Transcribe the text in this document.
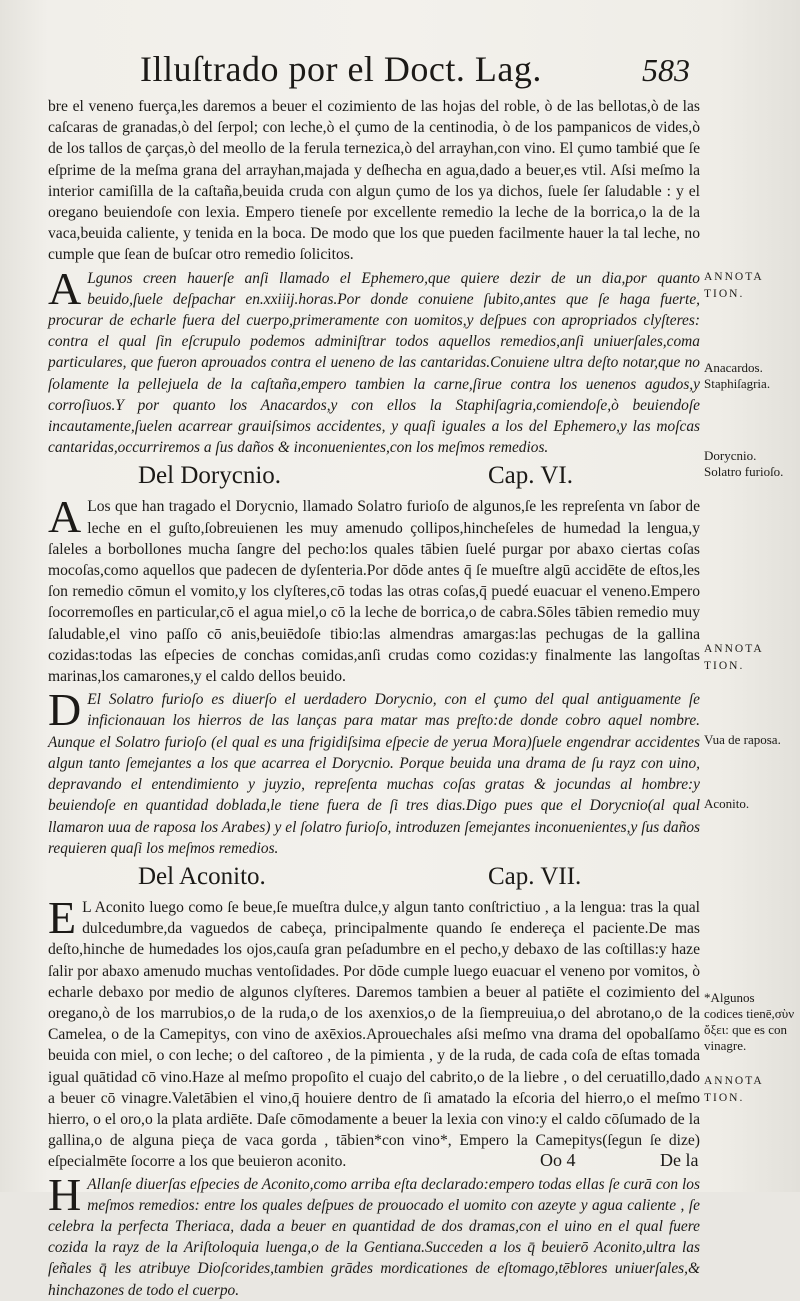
Illuſtrado por el Doct. Lag.	583

bre el veneno fuerça,les daremos a beuer el cozimiento de las hojas del roble, ò de las bellotas,ò de las caſcaras de granadas,ò del ſerpol; con leche,ò el çumo de la centinodia, ò de los pampanicos de vides,ò de los tallos de çarças,ò del meollo de la ferula ternezica,ò del arrayhan,con vino. El çumo tambié que ſe eſprime de la meſma grana del arrayhan,majada y deſhecha en agua,dado a beuer,es vtil. Aſsi meſmo la interior camiſilla de la caſtaña,beuida cruda con algun çumo de los ya dichos, ſuele ſer ſaludable : y el oregano beuiendoſe con lexia. Empero tieneſe por excellente remedio la leche de la borrica,o la de la vaca,beuida caliente, y tenida en la boca. De modo que los que pueden facilmente hauer la tal leche, no cumple que ſean de buſcar otro remedio ſolicitos.

A Lgunos creen hauerſe anſi llamado el Ephemero,que quiere dezir de un dia,por quanto beuido,ſuele deſpachar en.xxiiij.horas.Por donde conuiene ſubito,antes que ſe haga fuerte, procurar de echarle fuera del cuerpo,primeramente con uomitos,y deſpues con apropriados clyſteres: contra el qual ſin eſcrupulo podemos adminiſtrar todos aquellos remedios,anſi uniuerſales,coma particulares, que fueron aprouados contra el ueneno de las cantaridas.Conuiene ultra deſto notar,que no ſolamente la pellejuela de la caſtaña,empero tambien la carne,ſirue contra los uenenos agudos,y corroſiuos.Y por quanto los Anacardos,y con ellos la Staphiſagria,comiendoſe,ò beuiendoſe incautamente,ſuelen acarrear grauiſsimos accidentes, y quaſi iguales a los del Ephemero,y las moſcas cantaridas,occurriremos a ſus daños & inconuenientes,con los meſmos remedios.

Del Dorycnio.	Cap. VI.

A Los que han tragado el Dorycnio, llamado Solatro furioſo de algunos,ſe les repreſenta vn ſabor de leche en el guſto,ſobreuienen les muy amenudo çollipos,hincheſeles de humedad la lengua,y ſaleles a borbollones mucha ſangre del pecho:los quales tābien ſuelé purgar por abaxo ciertas coſas mocoſas,como aquellos que padecen de dyſenteria.Por dōde antes q̄ ſe mueſtre algū accidēte de eſtos,les ſon remedio cōmun el vomito,y los clyſteres,cō todas las otras coſas,q̄ puedé euacuar el veneno.Empero ſocorremoſles en particular,cō el agua miel,o cō la leche de borrica,o de cabra.Sōles tābien remedio muy ſaludable,el vino paſſo cō anis,beuiēdoſe tibio:las almendras amargas:las pechugas de la gallina cozidas:todas las eſpecies de conchas comidas,anſi crudas como cozidas:y finalmente las langoſtas marinas,los camarones,y el caldo dellos beuido.

D El Solatro furioſo es diuerſo el uerdadero Dorycnio, con el çumo del qual antiguamente ſe inficionauan los hierros de las lanças para matar mas preſto:de donde cobro aquel nombre. Aunque el Solatro furioſo (el qual es una frigidiſsima eſpecie de yerua Mora)ſuele engendrar accidentes algun tanto ſemejantes a los que acarrea el Dorycnio. Porque beuida una drama de ſu rayz con uino, depravando el entendimiento y juyzio, repreſenta muchas coſas gratas & jocundas al hombre:y beuiendoſe en quantidad doblada,le tiene fuera de ſi tres dias.Digo pues que el Dorycnio(al qual llamaron uua de raposa los Arabes) y el ſolatro furioſo, introduzen ſemejantes inconuenientes,y ſus daños requieren quaſi los meſmos remedios.

Del Aconito.	Cap. VII.

E L Aconito luego como ſe beue,ſe mueſtra dulce,y algun tanto conſtrictiuo , a la lengua: tras la qual dulcedumbre,da vaguedos de cabeça, principalmente quando ſe endereça el paciente.De mas deſto,hinche de humedades los ojos,cauſa gran peſadumbre en el pecho,y debaxo de las coſtillas:y haze ſalir por abaxo amenudo muchas ventoſidades. Por dōde cumple luego euacuar el veneno por vomitos, ò echarle debaxo por medio de algunos clyſteres. Daremos tambien a beuer al patiēte el cozimiento del oregano,ò de los marrubios,o de la ruda,o de los axenxios,o de la ſiempreuiua,o del abrotano,o de la Camelea, o de la Camepitys, con vino de axēxios.Aprouechales aſsi meſmo vna drama del opobalſamo beuida con miel, o con leche; o del caſtoreo , de la pimienta , y de la ruda, de cada coſa de eſtas tomada igual quātidad cō vino.Haze al meſmo propoſito el cuajo del cabrito,o de la liebre , o del ceruatillo,dado a beuer cō vinagre.Valetābien el vino,q̄ houiere dentro de ſi amatado la eſcoria del hierro,o el meſmo hierro, o el oro,o la plata ardiēte. Daſe cōmodamente a beuer la lexia con vino:y el caldo cōſumado de la gallina,o de alguna pieça de vaca gorda , tābien*con vino*, Empero la Camepitys(ſegun ſe dize) eſpecialmēte ſocorre a los que beuieron aconito.

H Allanſe diuerſas eſpecies de Aconito,como arriba eſta declarado:empero todas ellas ſe curā con los meſmos remedios: entre los quales deſpues de prouocado el uomito con azeyte y agua caliente , ſe celebra la perfecta Theriaca, dada a beuer en quantidad de dos dramas,con el uino en el qual fuere cozida la rayz de la Ariſtoloquia luenga,o de la Gentiana.Succeden a los q̄ beuierō Aconito,ultra las ſeñales q̄ les atribuye Dioſcorides,tambien grādes mordicationes de eſtomago,tēblores uniuerſales,& hinchazones de todo el cuerpo.

ANNOTA TION.
Anacardos. Staphiſagria.
Dorycnio. Solatro furioſo.
ANNOTA TION.
Vua de raposa.
Aconito.
*Algunos codices tienē,σὺν ὄξει: que es con vinagre.
ANNOTA TION.
Oo 4	De la
